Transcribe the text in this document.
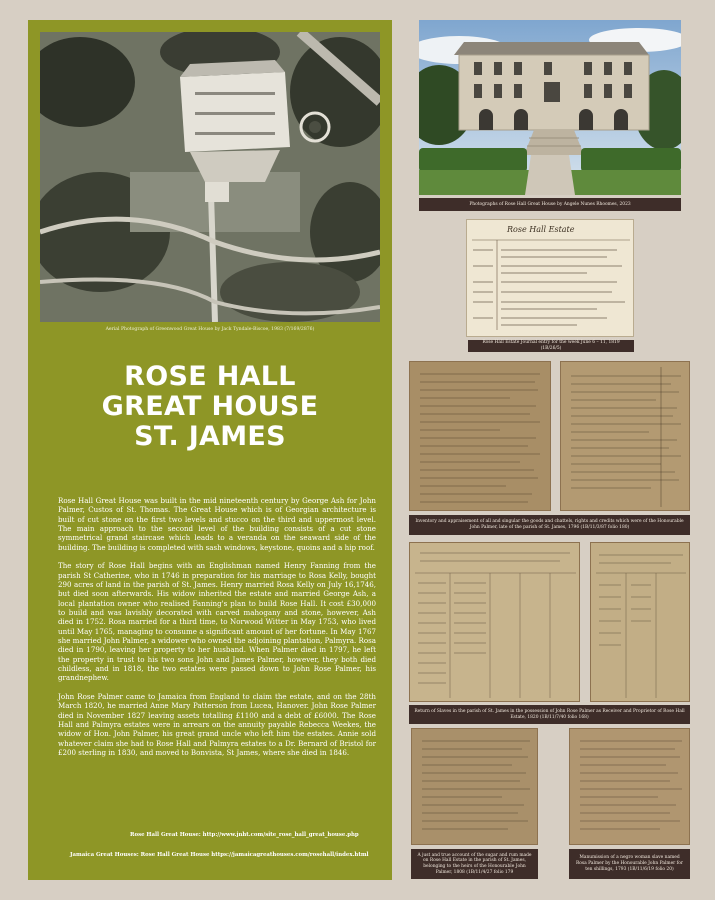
Aerial Photograph of Greenwood Great House by Jack Tyndale-Biscoe, 1983 (7/169/2876)
ROSE HALL
GREAT HOUSE
ST. JAMES

Rose Hall Great House was built in the mid nineteenth century by George Ash for John Palmer, Custos of St. Thomas. The Great House which is of Georgian architecture is built of cut stone on the first two levels and stucco on the third and uppermost level. The main approach to the second level of the building consists of a cut stone symmetrical grand staircase which leads to a veranda on the seaward side of the building. The building is completed with sash windows, keystone, quoins and a hip roof.

The story of Rose Hall begins with an Englishman named Henry Fanning from the parish St Catherine, who in 1746 in preparation for his marriage to Rosa Kelly, bought 290 acres of land in the parish of St. James. Henry married Rosa Kelly on July 16,1746, but died soon afterwards. His widow inherited the estate and married George Ash, a local plantation owner who realised Fanning's plan to build Rose Hall. It cost £30,000 to build and was lavishly decorated with carved mahogany and stone, however, Ash died in 1752. Rosa married for a third time, to Norwood Witter in May 1753, who lived until May 1765, managing to consume a significant amount of her fortune. In May 1767 she married John Palmer, a widower who owned the adjoining plantation, Palmyra. Rosa died in 1790, leaving her property to her husband. When Palmer died in 1797, he left the property in trust to his two sons John and James Palmer, however, they both died childless, and in 1818, the two estates were passed down to John Rose Palmer, his grandnephew.

John Rose Palmer came to Jamaica from England to claim the estate, and on the 28th March 1820, he married Anne Mary Patterson from Lucea, Hanover. John Rose Palmer died in November 1827 leaving assets totalling £1100 and a debt of £6000. The Rose Hall and Palmyra estates were in arrears on the annuity payable Rebecca Weekes, the widow of Hon. John Palmer, his great grand uncle who left him the estates. Annie sold whatever claim she had to Rose Hall and Palmyra estates to a Dr. Bernard of Bristol for £200 sterling in 1830, and moved to Bonvista, St James, where she died in 1846.

Rose Hall Great House: http://www.jnht.com/site_rose_hall_great_house.php
Jamaica Great Houses: Rose Hall Great House https://jamaicagreathouses.com/rosehall/index.html
Photographs of Rose Hall Great House by Angele Nunes Rhoomes, 2023
Rose Hall Estate
Rose Hall Estate Journal entry for the week June 6 – 11, 1819 (1B/26/5)
Inventory and appraisement of all and singular the goods and chattels, rights and credits which were of the Honourable John Palmer, late of the parish of St. James, 1796 (1B/11/3/87 folio 180)
Return of Slaves in the parish of St. James in the possession of John Rose Palmer as Receiver and Proprietor of Rose Hall Estate, 1820 (1B/11/7/40 folio 168)
A just and true account of the sugar and rum made on Rose Hall Estate in the parish of St. James, belonging to the heirs of the Honourable John Palmer, 1808 (1B/11/4/27 folio 179
Manumission of a negro woman slave named Rosa Palmer by the Honourable John Palmer for ten shillings, 1793 (1B/11/6/19 folio 20)
